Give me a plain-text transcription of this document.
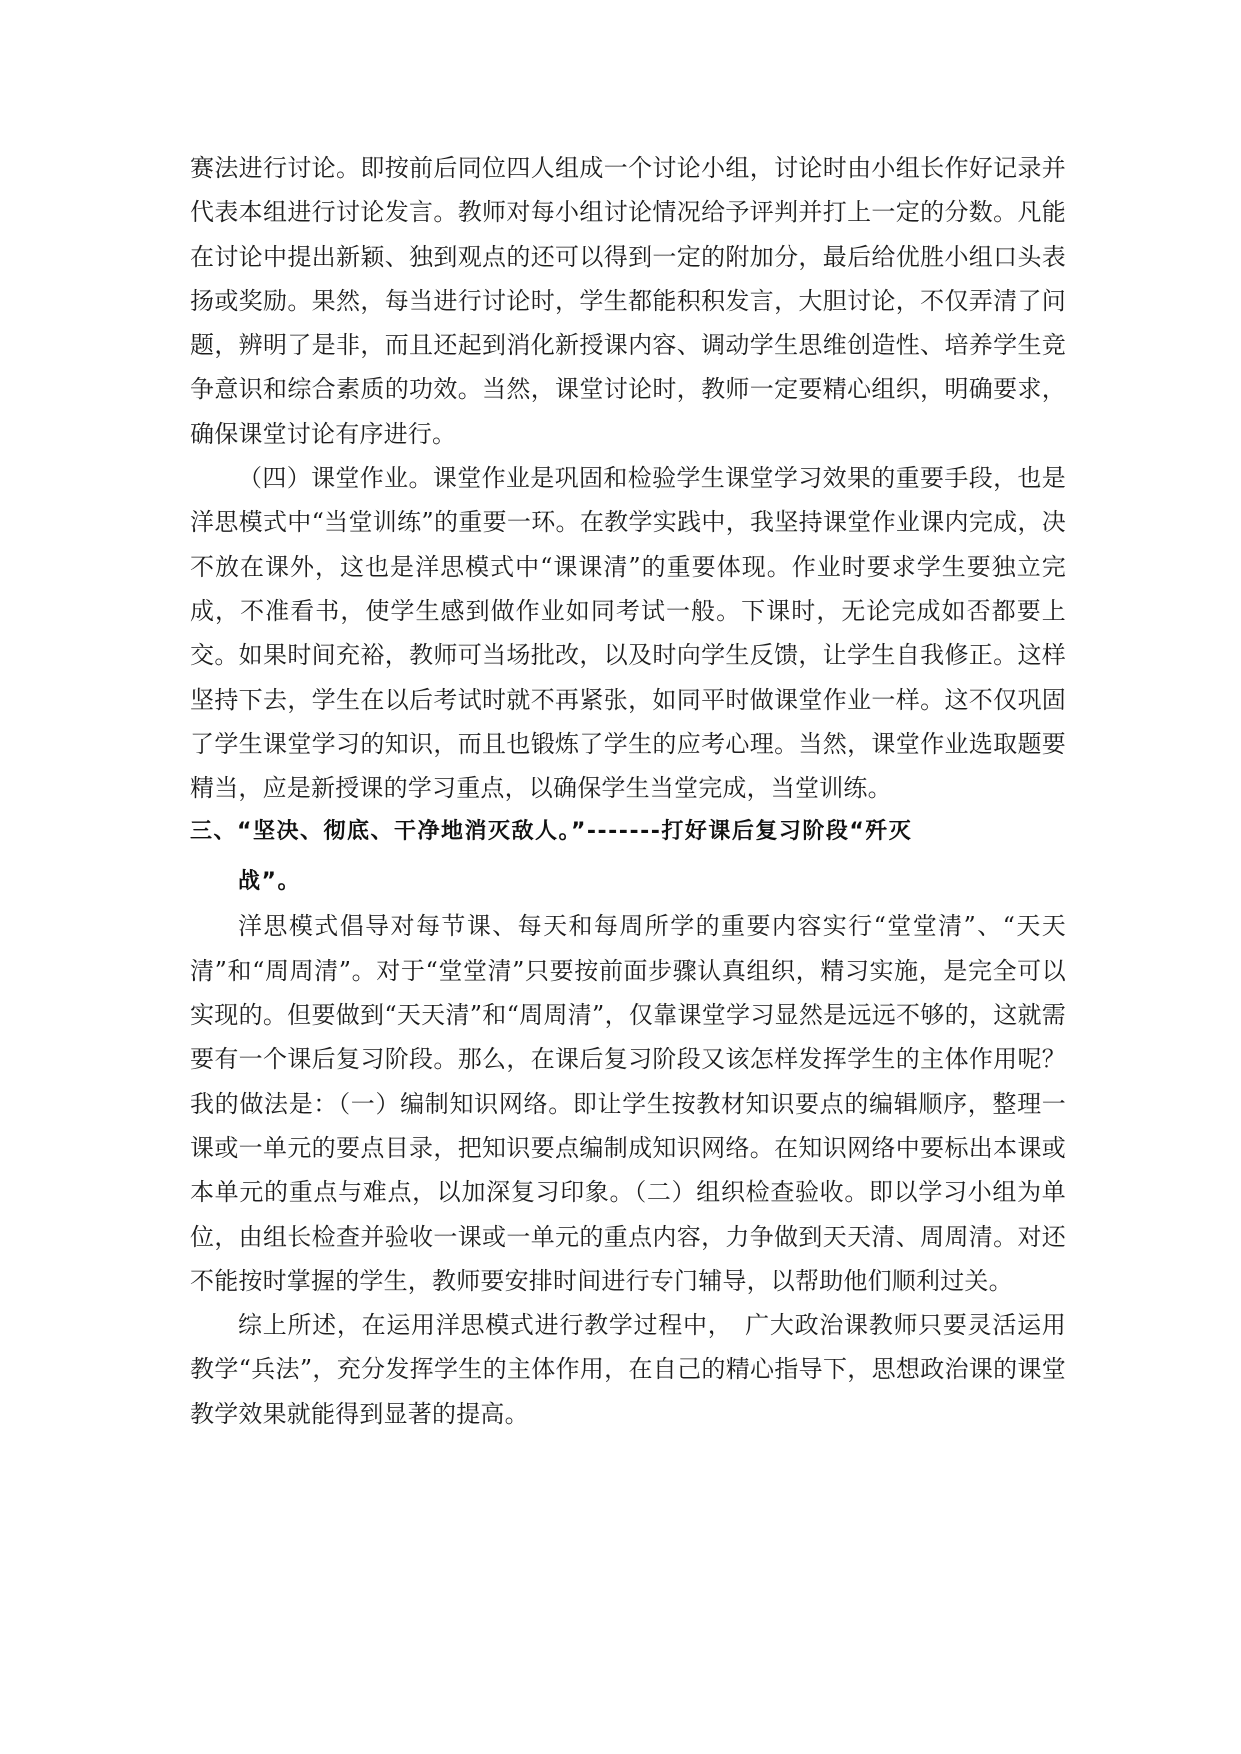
赛法进行讨论。即按前后同位四人组成一个讨论小组，讨论时由小组长作好记录并代表本组进行讨论发言。教师对每小组讨论情况给予评判并打上一定的分数。凡能在讨论中提出新颖、独到观点的还可以得到一定的附加分，最后给优胜小组口头表扬或奖励。果然，每当进行讨论时，学生都能积积发言，大胆讨论，不仅弄清了问题，辨明了是非，而且还起到消化新授课内容、调动学生思维创造性、培养学生竞争意识和综合素质的功效。当然，课堂讨论时，教师一定要精心组织，明确要求，确保课堂讨论有序进行。

（四）课堂作业。课堂作业是巩固和检验学生课堂学习效果的重要手段，也是洋思模式中“当堂训练”的重要一环。在教学实践中，我坚持课堂作业课内完成，决不放在课外，这也是洋思模式中“课课清”的重要体现。作业时要求学生要独立完成，不准看书，使学生感到做作业如同考试一般。下课时，无论完成如否都要上交。如果时间充裕，教师可当场批改，以及时向学生反馈，让学生自我修正。这样坚持下去，学生在以后考试时就不再紧张，如同平时做课堂作业一样。这不仅巩固了学生课堂学习的知识，而且也锻炼了学生的应考心理。当然，课堂作业选取题要精当，应是新授课的学习重点，以确保学生当堂完成，当堂训练。

三、“坚决、彻底、干净地消灭敌人。”-------打好课后复习阶段“歼灭
战”。

洋思模式倡导对每节课、每天和每周所学的重要内容实行“堂堂清”、“天天清”和“周周清”。对于“堂堂清”只要按前面步骤认真组织，精习实施，是完全可以实现的。但要做到“天天清”和“周周清”，仅靠课堂学习显然是远远不够的，这就需要有一个课后复习阶段。那么，在课后复习阶段又该怎样发挥学生的主体作用呢？我的做法是：（一）编制知识网络。即让学生按教材知识要点的编辑顺序，整理一课或一单元的要点目录，把知识要点编制成知识网络。在知识网络中要标出本课或本单元的重点与难点，以加深复习印象。（二）组织检查验收。即以学习小组为单位，由组长检查并验收一课或一单元的重点内容，力争做到天天清、周周清。对还不能按时掌握的学生，教师要安排时间进行专门辅导，以帮助他们顺利过关。

综上所述，在运用洋思模式进行教学过程中，　广大政治课教师只要灵活运用教学“兵法”，充分发挥学生的主体作用，在自己的精心指导下，思想政治课的课堂教学效果就能得到显著的提高。
